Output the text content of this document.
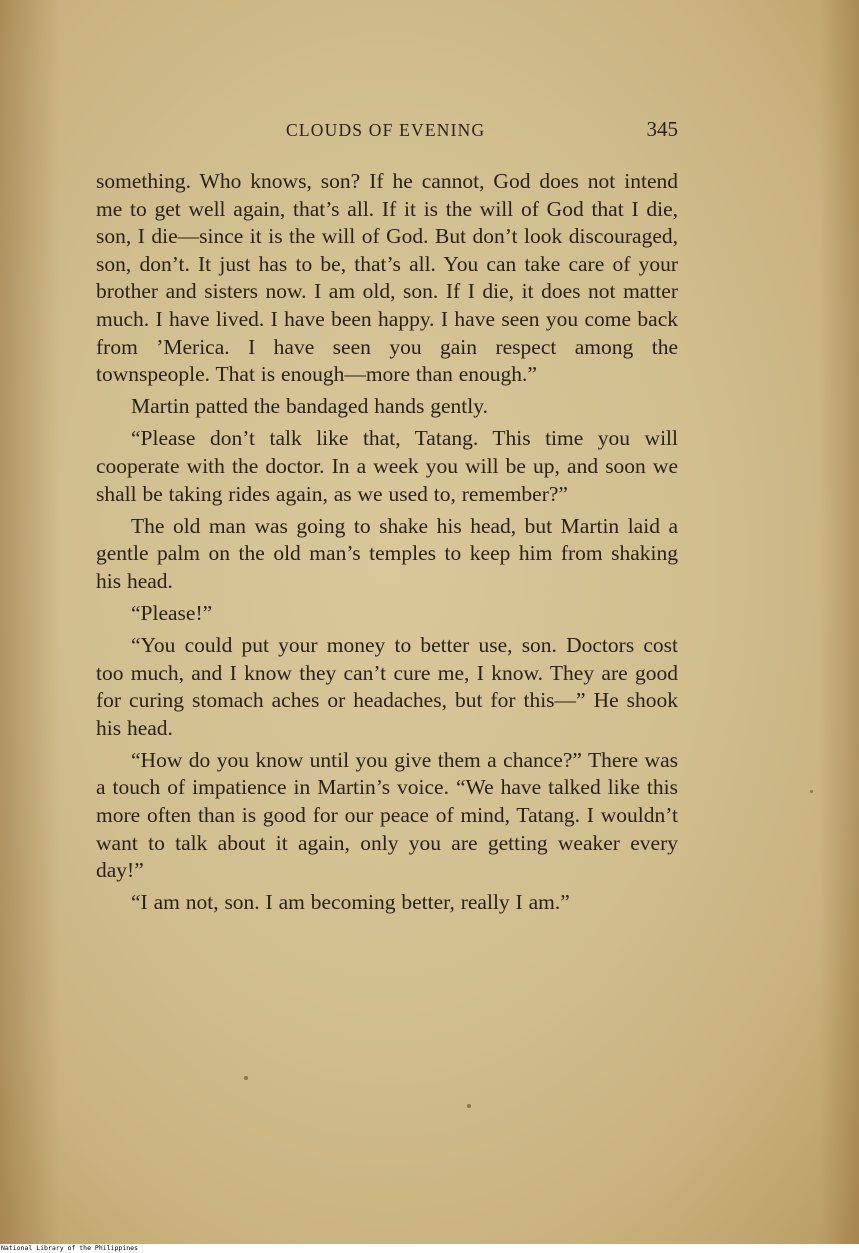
CLOUDS OF EVENING	345

something. Who knows, son? If he cannot, God does not intend me to get well again, that’s all. If it is the will of God that I die, son, I die—since it is the will of God. But don’t look discouraged, son, don’t. It just has to be, that’s all. You can take care of your brother and sisters now. I am old, son. If I die, it does not matter much. I have lived. I have been happy. I have seen you come back from ’Merica. I have seen you gain respect among the townspeople. That is enough—more than enough.”

Martin patted the bandaged hands gently.

“Please don’t talk like that, Tatang. This time you will cooperate with the doctor. In a week you will be up, and soon we shall be taking rides again, as we used to, remember?”

The old man was going to shake his head, but Martin laid a gentle palm on the old man’s temples to keep him from shaking his head.

“Please!”

“You could put your money to better use, son. Doctors cost too much, and I know they can’t cure me, I know. They are good for curing stomach aches or headaches, but for this—” He shook his head.

“How do you know until you give them a chance?” There was a touch of impatience in Martin’s voice. “We have talked like this more often than is good for our peace of mind, Tatang. I wouldn’t want to talk about it again, only you are getting weaker every day!”

“I am not, son. I am becoming better, really I am.”

National Library of the Philippines
